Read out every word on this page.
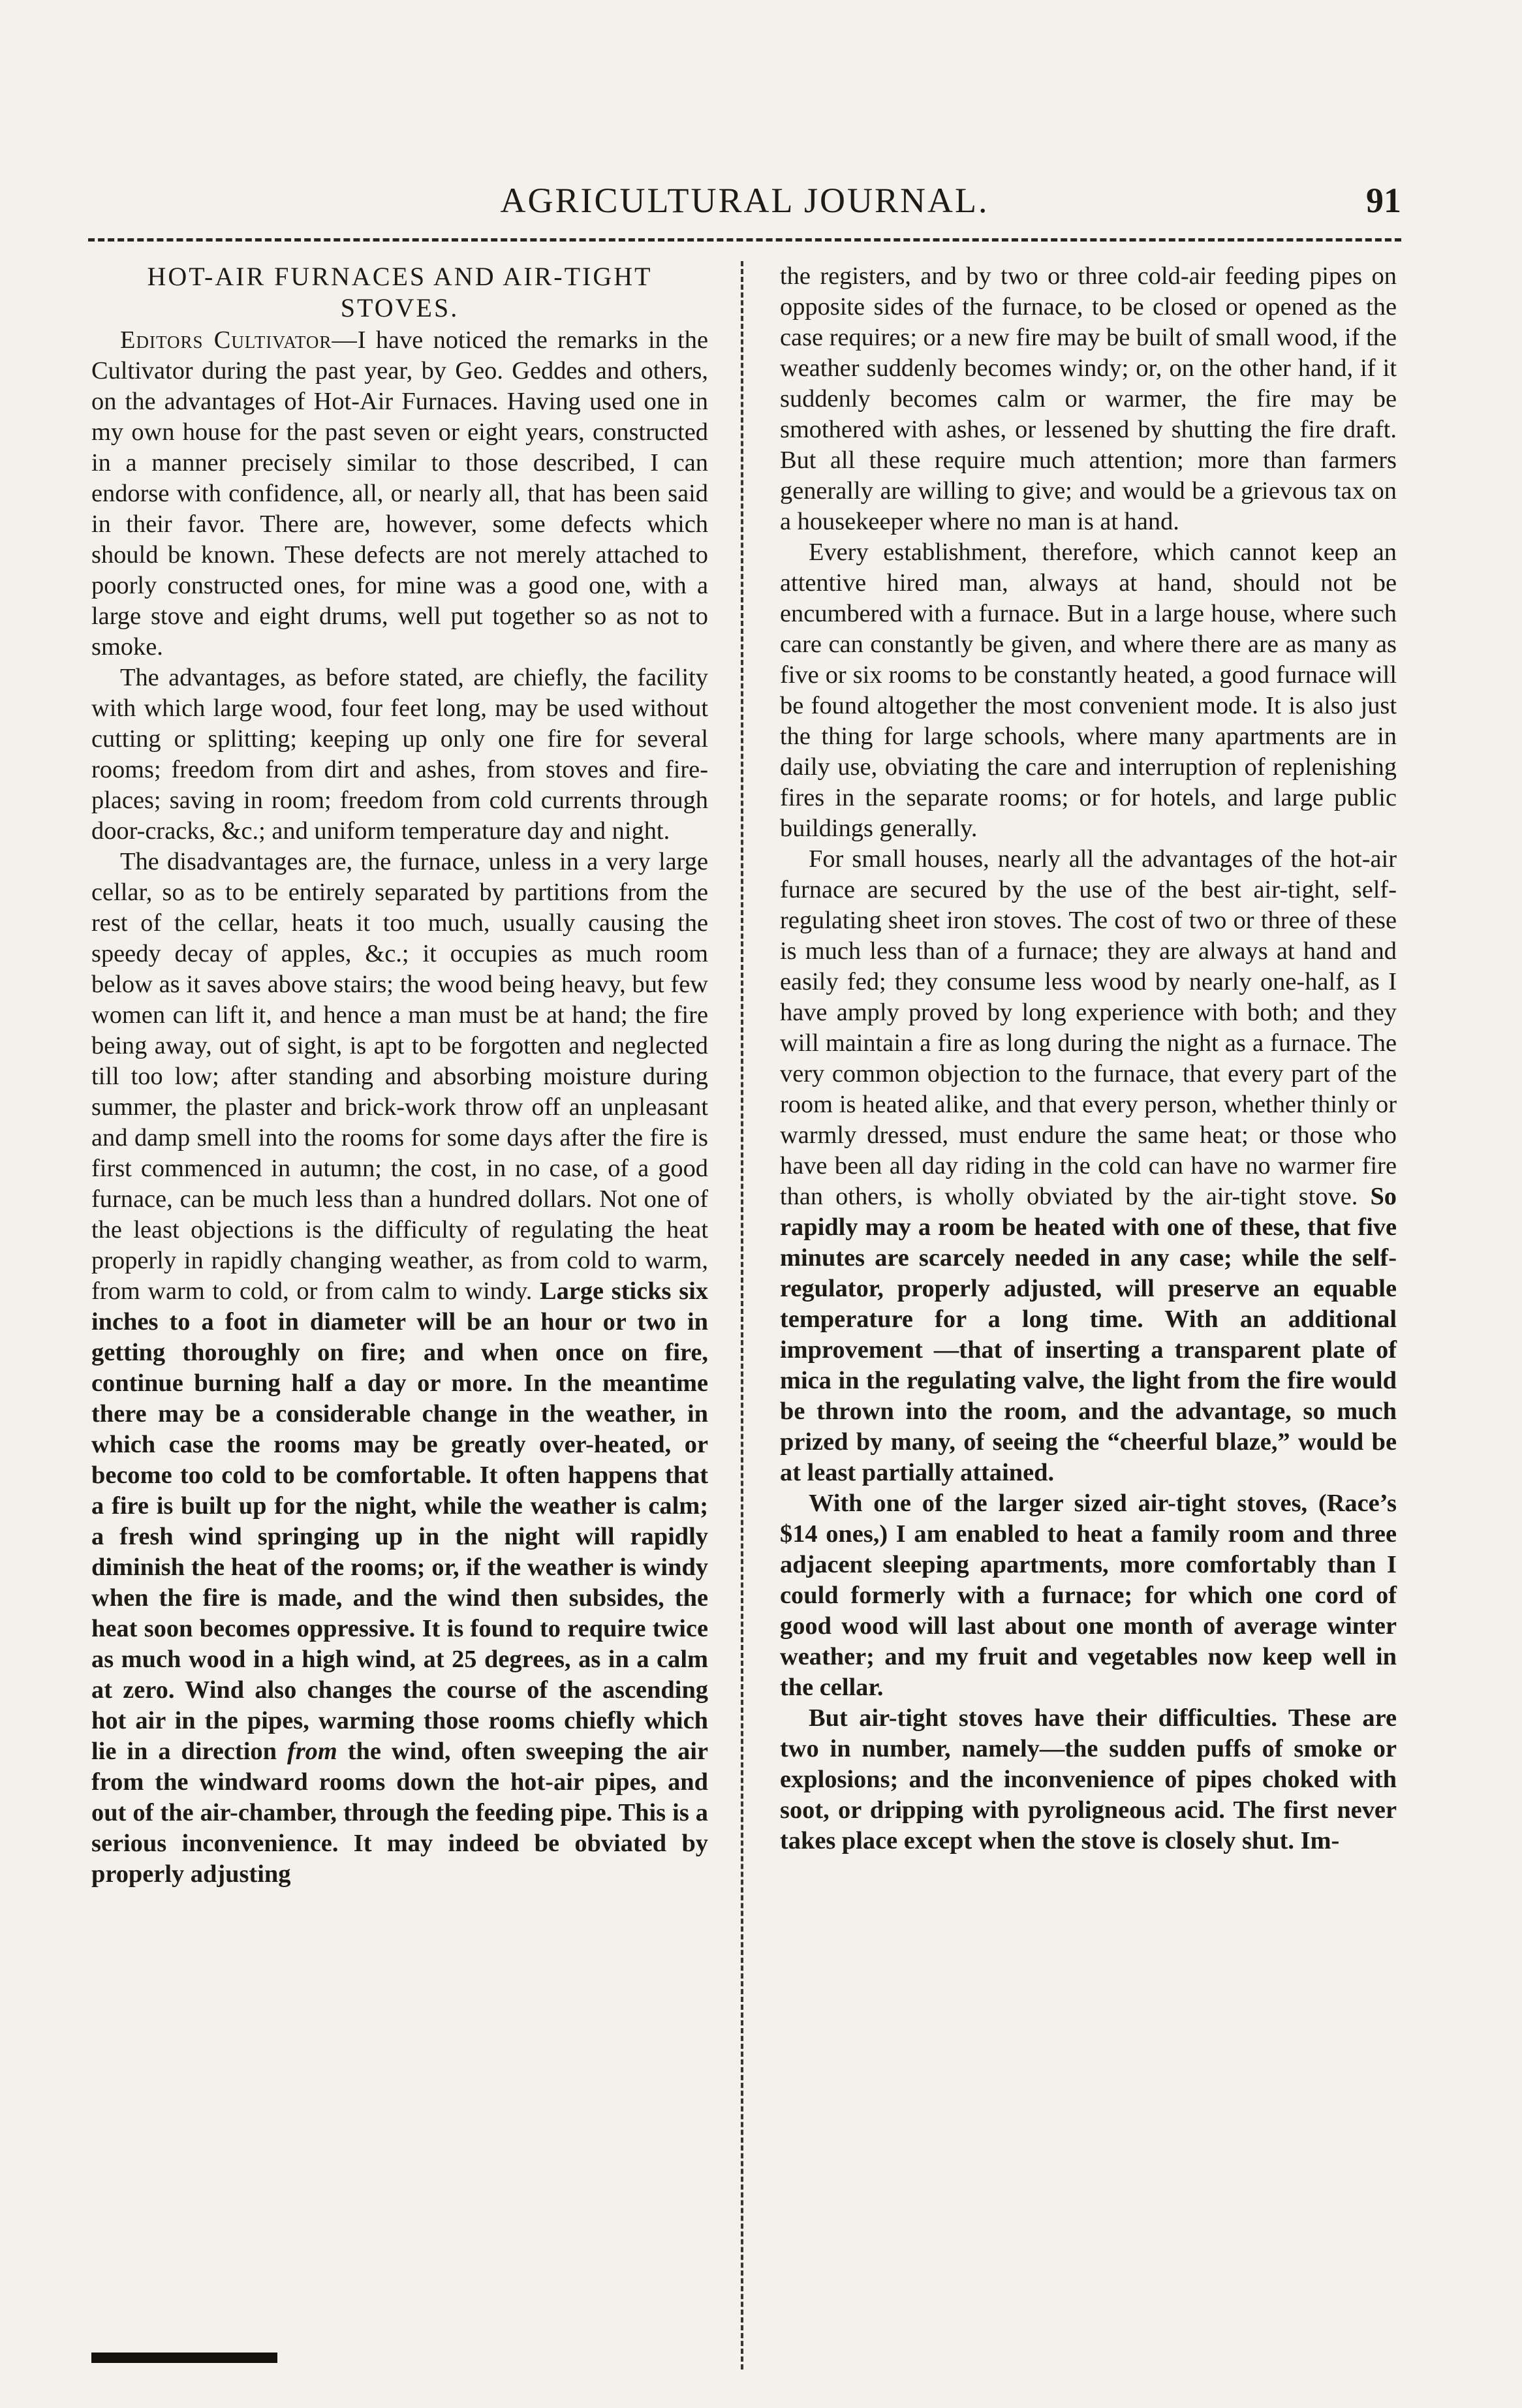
AGRICULTURAL JOURNAL.	91
HOT-AIR FURNACES AND AIR-TIGHT STOVES.

Editors Cultivator—I have noticed the remarks in the Cultivator during the past year, by Geo. Geddes and others, on the advantages of Hot-Air Furnaces. Having used one in my own house for the past seven or eight years, constructed in a manner precisely similar to those described, I can endorse with confidence, all, or nearly all, that has been said in their favor. There are, however, some defects which should be known. These defects are not merely attached to poorly constructed ones, for mine was a good one, with a large stove and eight drums, well put together so as not to smoke.

The advantages, as before stated, are chiefly, the facility with which large wood, four feet long, may be used without cutting or splitting; keeping up only one fire for several rooms; freedom from dirt and ashes, from stoves and fire-places; saving in room; freedom from cold currents through door-cracks, &c.; and uniform temperature day and night.

The disadvantages are, the furnace, unless in a very large cellar, so as to be entirely separated by partitions from the rest of the cellar, heats it too much, usually causing the speedy decay of apples, &c.; it occupies as much room below as it saves above stairs; the wood being heavy, but few women can lift it, and hence a man must be at hand; the fire being away, out of sight, is apt to be forgotten and neglected till too low; after standing and absorbing moisture during summer, the plaster and brick-work throw off an unpleasant and damp smell into the rooms for some days after the fire is first commenced in autumn; the cost, in no case, of a good furnace, can be much less than a hundred dollars. Not one of the least objections is the difficulty of regulating the heat properly in rapidly changing weather, as from cold to warm, from warm to cold, or from calm to windy. Large sticks six inches to a foot in diameter will be an hour or two in getting thoroughly on fire; and when once on fire, continue burning half a day or more. In the meantime there may be a considerable change in the weather, in which case the rooms may be greatly over-heated, or become too cold to be comfortable. It often happens that a fire is built up for the night, while the weather is calm; a fresh wind springing up in the night will rapidly diminish the heat of the rooms; or, if the weather is windy when the fire is made, and the wind then subsides, the heat soon becomes oppressive. It is found to require twice as much wood in a high wind, at 25 degrees, as in a calm at zero. Wind also changes the course of the ascending hot air in the pipes, warming those rooms chiefly which lie in a direction from the wind, often sweeping the air from the windward rooms down the hot-air pipes, and out of the air-chamber, through the feeding pipe. This is a serious inconvenience. It may indeed be obviated by properly adjusting

the registers, and by two or three cold-air feeding pipes on opposite sides of the furnace, to be closed or opened as the case requires; or a new fire may be built of small wood, if the weather suddenly becomes windy; or, on the other hand, if it suddenly becomes calm or warmer, the fire may be smothered with ashes, or lessened by shutting the fire draft. But all these require much attention; more than farmers generally are willing to give; and would be a grievous tax on a housekeeper where no man is at hand.

Every establishment, therefore, which cannot keep an attentive hired man, always at hand, should not be encumbered with a furnace. But in a large house, where such care can constantly be given, and where there are as many as five or six rooms to be constantly heated, a good furnace will be found altogether the most convenient mode. It is also just the thing for large schools, where many apartments are in daily use, obviating the care and interruption of replenishing fires in the separate rooms; or for hotels, and large public buildings generally.

For small houses, nearly all the advantages of the hot-air furnace are secured by the use of the best air-tight, self-regulating sheet iron stoves. The cost of two or three of these is much less than of a furnace; they are always at hand and easily fed; they consume less wood by nearly one-half, as I have amply proved by long experience with both; and they will maintain a fire as long during the night as a furnace. The very common objection to the furnace, that every part of the room is heated alike, and that every person, whether thinly or warmly dressed, must endure the same heat; or those who have been all day riding in the cold can have no warmer fire than others, is wholly obviated by the air-tight stove. So rapidly may a room be heated with one of these, that five minutes are scarcely needed in any case; while the self-regulator, properly adjusted, will preserve an equable temperature for a long time. With an additional improvement —that of inserting a transparent plate of mica in the regulating valve, the light from the fire would be thrown into the room, and the advantage, so much prized by many, of seeing the “cheerful blaze,” would be at least partially attained.

With one of the larger sized air-tight stoves, (Race’s $14 ones,) I am enabled to heat a family room and three adjacent sleeping apartments, more comfortably than I could formerly with a furnace; for which one cord of good wood will last about one month of average winter weather; and my fruit and vegetables now keep well in the cellar.

But air-tight stoves have their difficulties. These are two in number, namely—the sudden puffs of smoke or explosions; and the inconvenience of pipes choked with soot, or dripping with pyroligneous acid. The first never takes place except when the stove is closely shut. Im-
